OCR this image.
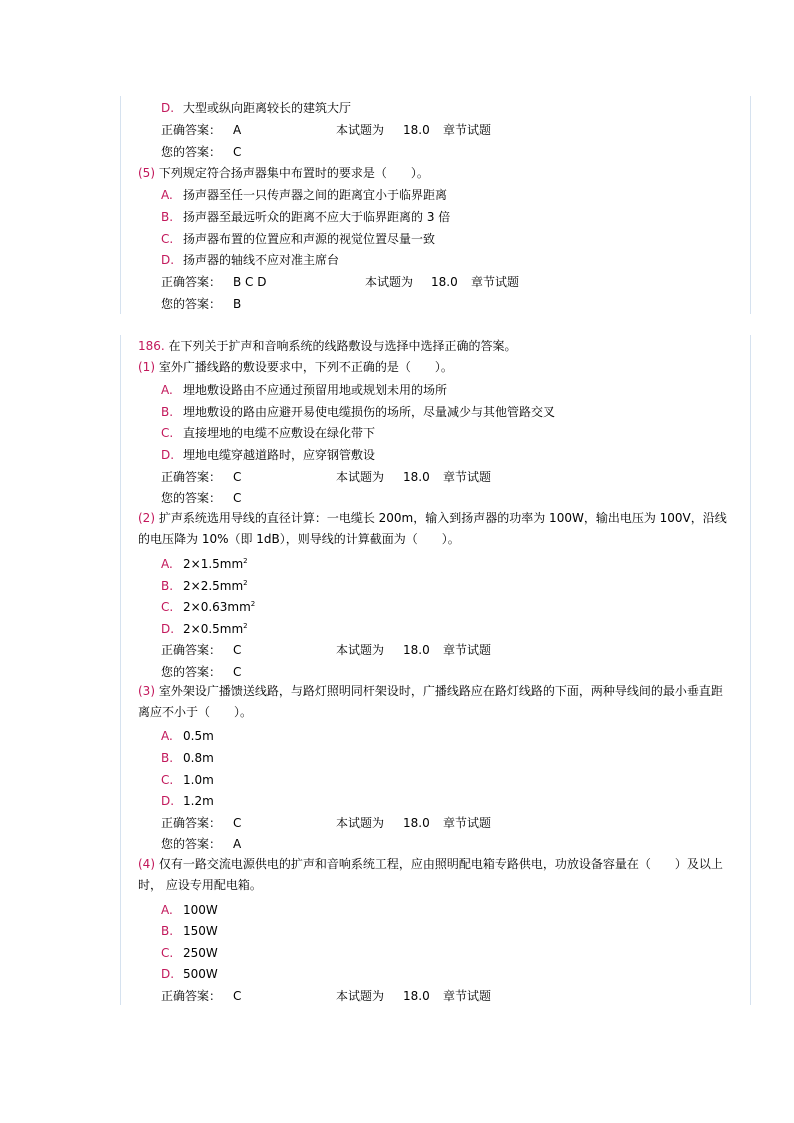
D. 大型或纵向距离较长的建筑大厅
正确答案： A	本试题为 18.0 章节试题
您的答案： C
(5) 下列规定符合扬声器集中布置时的要求是（　　）。
A. 扬声器至任一只传声器之间的距离宜小于临界距离
B. 扬声器至最远听众的距离不应大于临界距离的 3 倍
C. 扬声器布置的位置应和声源的视觉位置尽量一致
D. 扬声器的轴线不应对准主席台
正确答案： B C D	本试题为 18.0 章节试题
您的答案： B
186. 在下列关于扩声和音响系统的线路敷设与选择中选择正确的答案。
(1) 室外广播线路的敷设要求中，下列不正确的是（　　）。
A. 埋地敷设路由不应通过预留用地或规划未用的场所
B. 埋地敷设的路由应避开易使电缆损伤的场所，尽量减少与其他管路交叉
C. 直接埋地的电缆不应敷设在绿化带下
D. 埋地电缆穿越道路时，应穿钢管敷设
正确答案： C	本试题为 18.0 章节试题
您的答案： C
(2) 扩声系统选用导线的直径计算：一电缆长 200m，输入到扬声器的功率为 100W，输出电压为 100V，沿线的电压降为 10%（即 1dB），则导线的计算截面为（　　）。
A. $2\times 1.5mm^2$
B. $2\times 2.5mm^2$
C. $2\times 0.63mm^2$
D. $2\times 0.5mm^2$
正确答案： C	本试题为 18.0 章节试题
您的答案： C
(3) 室外架设广播馈送线路，与路灯照明同杆架设时，广播线路应在路灯线路的下面，两种导线间的最小垂直距离应不小于（　　）。
A. 0.5m
B. 0.8m
C. 1.0m
D. 1.2m
正确答案： C	本试题为 18.0 章节试题
您的答案： A
(4) 仅有一路交流电源供电的扩声和音响系统工程，应由照明配电箱专路供电，功放设备容量在（　　）及以上时， 应设专用配电箱。
A. 100W
B. 150W
C. 250W
D. 500W
正确答案： C	本试题为 18.0 章节试题
